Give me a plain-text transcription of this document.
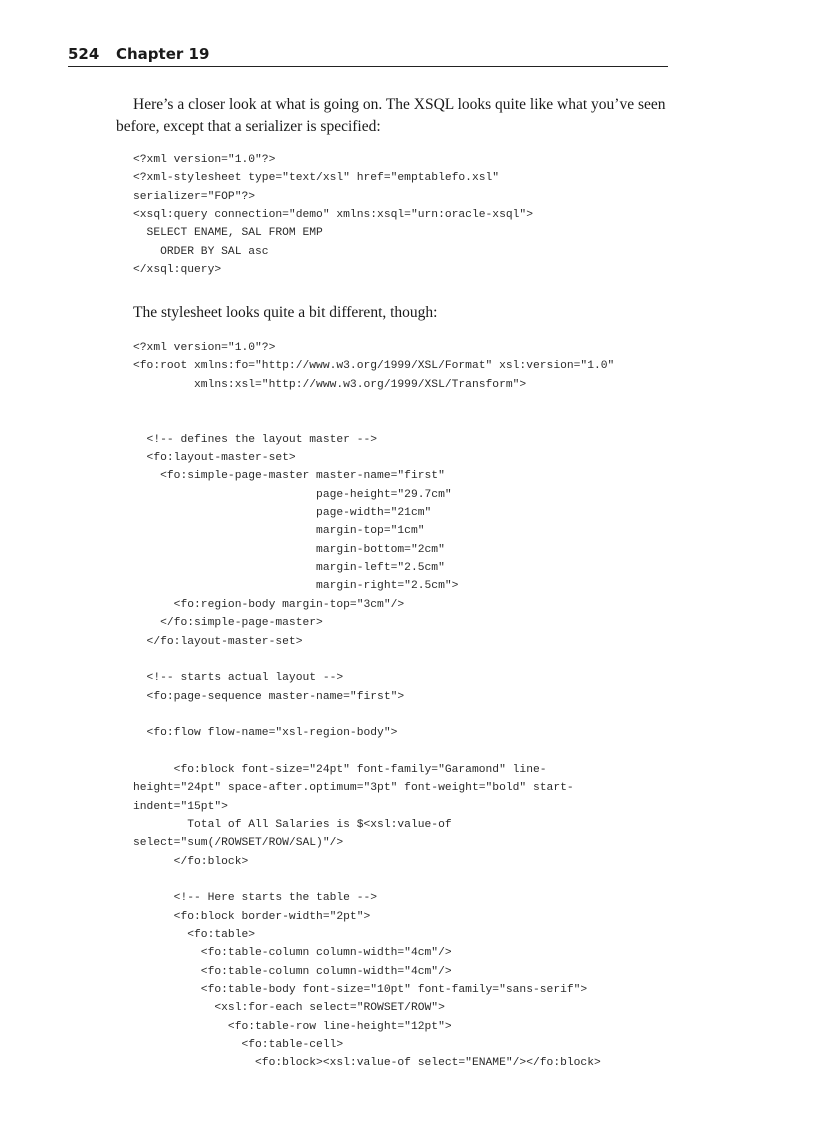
524 Chapter 19

Here’s a closer look at what is going on. The XSQL looks quite like what you’ve seen before, except that a serializer is specified:

<?xml version="1.0"?>
<?xml-stylesheet type="text/xsl" href="emptablefo.xsl"
serializer="FOP"?>
<xsql:query connection="demo" xmlns:xsql="urn:oracle-xsql">
SELECT ENAME, SAL FROM EMP
ORDER BY SAL asc
</xsql:query>

The stylesheet looks quite a bit different, though:

<?xml version="1.0"?>
<fo:root xmlns:fo="http://www.w3.org/1999/XSL/Format" xsl:version="1.0"
xmlns:xsl="http://www.w3.org/1999/XSL/Transform">

<!-- defines the layout master -->
<fo:layout-master-set>
<fo:simple-page-master master-name="first"
page-height="29.7cm"
page-width="21cm"
margin-top="1cm"
margin-bottom="2cm"
margin-left="2.5cm"
margin-right="2.5cm">
<fo:region-body margin-top="3cm"/>
</fo:simple-page-master>
</fo:layout-master-set>

<!-- starts actual layout -->
<fo:page-sequence master-name="first">

<fo:flow flow-name="xsl-region-body">

<fo:block font-size="24pt" font-family="Garamond" line-
height="24pt" space-after.optimum="3pt" font-weight="bold" start-
indent="15pt">
Total of All Salaries is $<xsl:value-of
select="sum(/ROWSET/ROW/SAL)"/>
</fo:block>

<!-- Here starts the table -->
<fo:block border-width="2pt">
<fo:table>
<fo:table-column column-width="4cm"/>
<fo:table-column column-width="4cm"/>
<fo:table-body font-size="10pt" font-family="sans-serif">
<xsl:for-each select="ROWSET/ROW">
<fo:table-row line-height="12pt">
<fo:table-cell>
<fo:block><xsl:value-of select="ENAME"/></fo:block>
